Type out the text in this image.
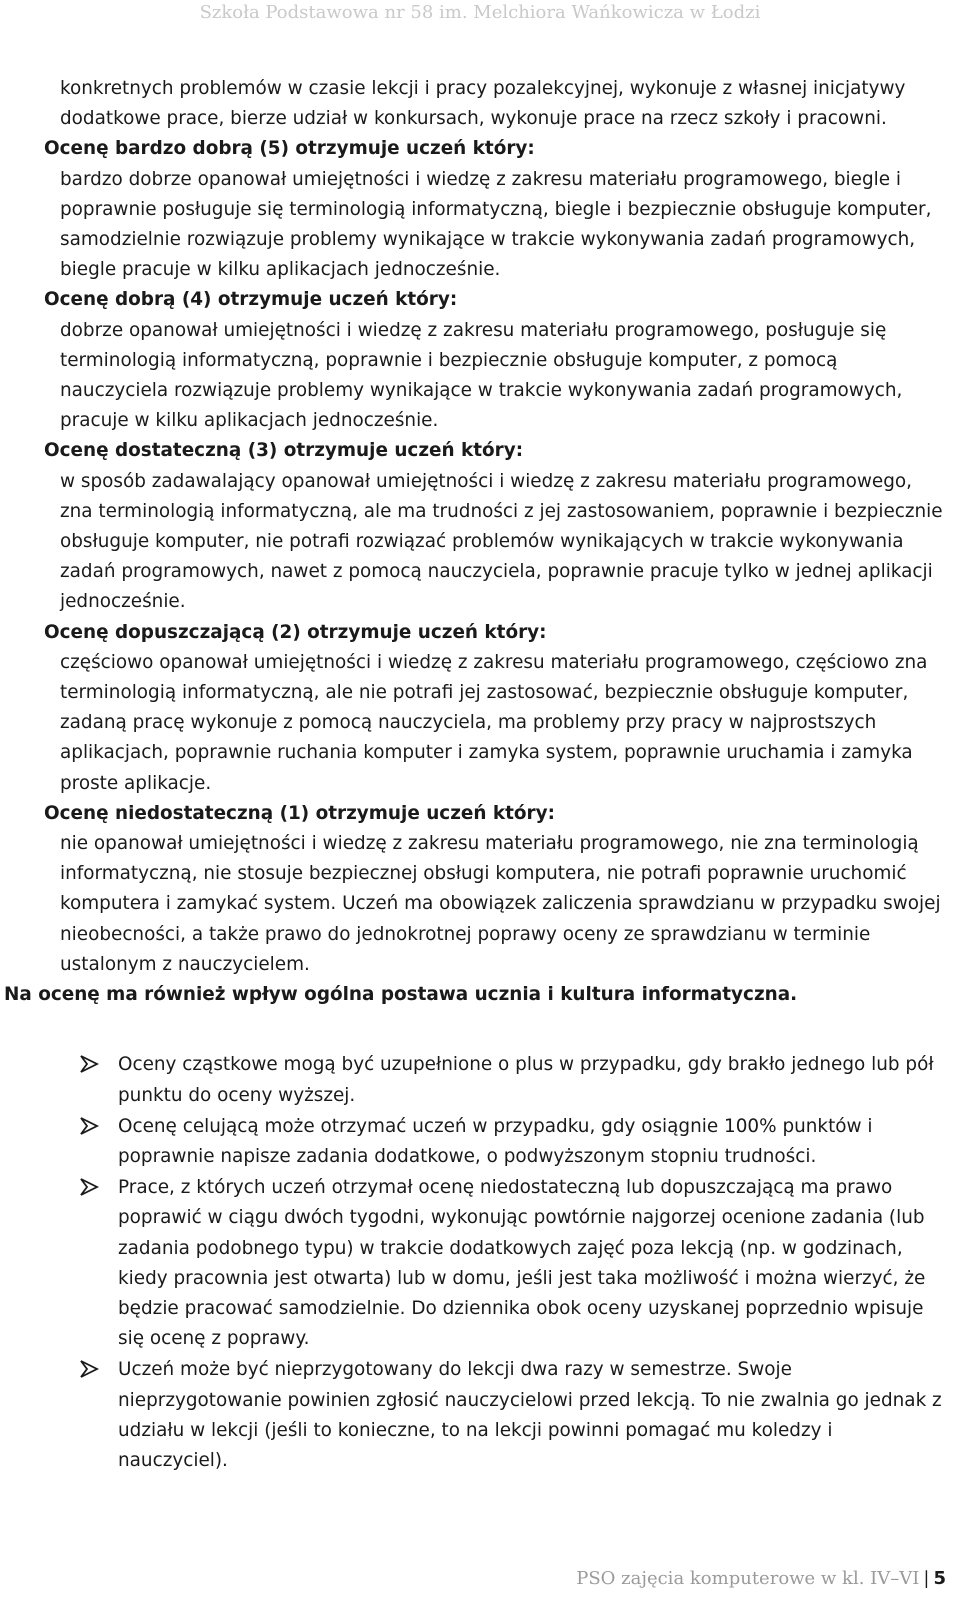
Szkoła Podstawowa nr 58 im. Melchiora Wańkowicza w Łodzi
konkretnych problemów w czasie lekcji i pracy pozalekcyjnej, wykonuje z własnej inicjatywy dodatkowe prace, bierze udział w konkursach, wykonuje prace na rzecz szkoły i pracowni.
Ocenę bardzo dobrą (5) otrzymuje uczeń który:
bardzo dobrze opanował umiejętności i wiedzę z zakresu materiału programowego, biegle i poprawnie posługuje się terminologią informatyczną, biegle i bezpiecznie obsługuje komputer, samodzielnie rozwiązuje problemy wynikające w trakcie wykonywania zadań programowych, biegle pracuje w kilku aplikacjach jednocześnie.
Ocenę dobrą (4) otrzymuje uczeń który:
dobrze opanował umiejętności i wiedzę z zakresu materiału programowego, posługuje się terminologią informatyczną, poprawnie i bezpiecznie obsługuje komputer, z pomocą nauczyciela rozwiązuje problemy wynikające w trakcie wykonywania zadań programowych, pracuje w kilku aplikacjach jednocześnie.
Ocenę dostateczną (3) otrzymuje uczeń który:
w sposób zadawalający opanował umiejętności i wiedzę z zakresu materiału programowego, zna terminologią informatyczną, ale ma trudności z jej zastosowaniem, poprawnie i bezpiecznie obsługuje komputer, nie potrafi rozwiązać problemów wynikających w trakcie wykonywania zadań programowych, nawet z pomocą nauczyciela, poprawnie pracuje tylko w jednej aplikacji jednocześnie.
Ocenę dopuszczającą (2) otrzymuje uczeń który:
częściowo opanował umiejętności i wiedzę z zakresu materiału programowego, częściowo zna terminologią informatyczną, ale nie potrafi jej zastosować, bezpiecznie obsługuje komputer, zadaną pracę wykonuje z pomocą nauczyciela, ma problemy przy pracy w najprostszych aplikacjach, poprawnie ruchania komputer i zamyka system, poprawnie uruchamia i zamyka proste aplikacje.
Ocenę niedostateczną (1) otrzymuje uczeń który:
nie opanował umiejętności i wiedzę z zakresu materiału programowego, nie zna terminologią informatyczną, nie stosuje bezpiecznej obsługi komputera, nie potrafi poprawnie uruchomić komputera i zamykać system. Uczeń ma obowiązek zaliczenia sprawdzianu w przypadku swojej nieobecności, a także prawo do jednokrotnej poprawy oceny ze sprawdzianu w terminie ustalonym z nauczycielem.
Na ocenę ma również wpływ ogólna postawa ucznia i kultura informatyczna.
Oceny cząstkowe mogą być uzupełnione o plus w przypadku, gdy brakło jednego lub pół punktu do oceny wyższej.
Ocenę celującą może otrzymać uczeń w przypadku, gdy osiągnie 100% punktów i poprawnie napisze zadania dodatkowe, o podwyższonym stopniu trudności.
Prace, z których uczeń otrzymał ocenę niedostateczną lub dopuszczającą ma prawo poprawić w ciągu dwóch tygodni, wykonując powtórnie najgorzej ocenione zadania (lub zadania podobnego typu) w trakcie dodatkowych zajęć poza lekcją (np. w godzinach, kiedy pracownia jest otwarta) lub w domu, jeśli jest taka możliwość i można wierzyć, że będzie pracować samodzielnie. Do dziennika obok oceny uzyskanej poprzednio wpisuje się ocenę z poprawy.
Uczeń może być nieprzygotowany do lekcji dwa razy w semestrze. Swoje nieprzygotowanie powinien zgłosić nauczycielowi przed lekcją. To nie zwalnia go jednak z udziału w lekcji (jeśli to konieczne, to na lekcji powinni pomagać mu koledzy i nauczyciel).
PSO zajęcia komputerowe w kl. IV–VI | 5
